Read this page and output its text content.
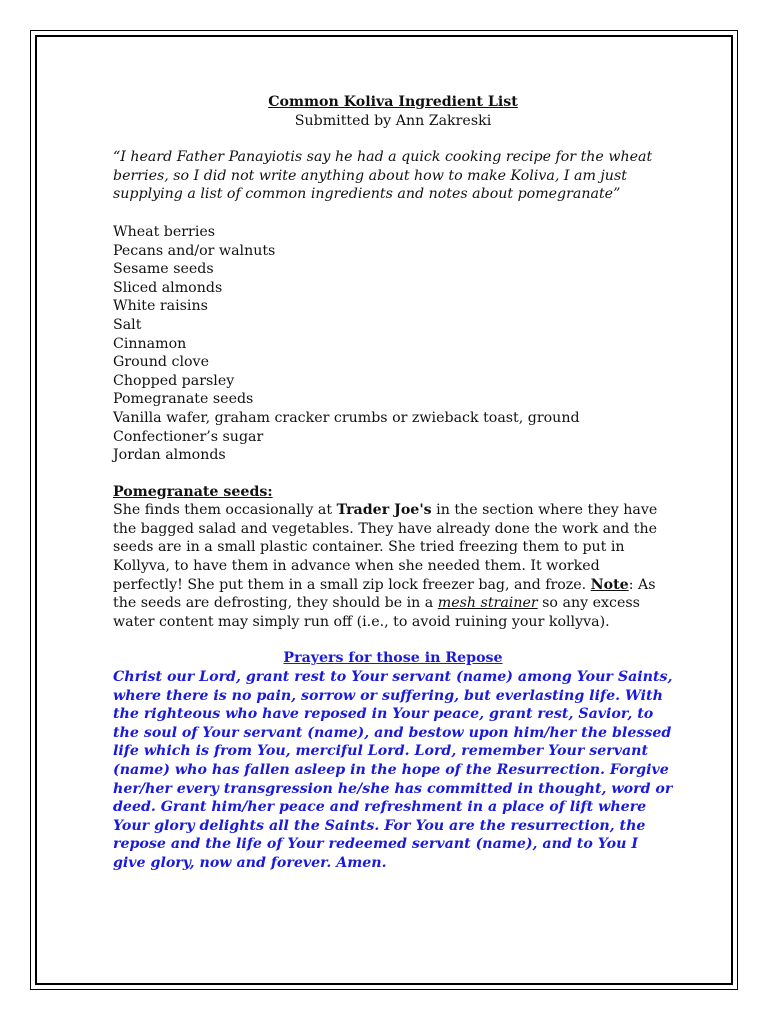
Common Koliva Ingredient List
Submitted by Ann Zakreski
“I heard Father Panayiotis say he had a quick cooking recipe for the wheat berries, so I did not write anything about how to make Koliva, I am just supplying a list of common ingredients and notes about pomegranate”
Wheat berries
Pecans and/or walnuts
Sesame seeds
Sliced almonds
White raisins
Salt
Cinnamon
Ground clove
Chopped parsley
Pomegranate seeds
Vanilla wafer, graham cracker crumbs or zwieback toast, ground
Confectioner’s sugar
Jordan almonds
Pomegranate seeds:

She finds them occasionally at Trader Joe's in the section where they have the bagged salad and vegetables. They have already done the work and the seeds are in a small plastic container. She tried freezing them to put in Kollyva, to have them in advance when she needed them. It worked perfectly! She put them in a small zip lock freezer bag, and froze. Note: As the seeds are defrosting, they should be in a mesh strainer so any excess water content may simply run off (i.e., to avoid ruining your kollyva).

Prayers for those in Repose

Christ our Lord, grant rest to Your servant (name) among Your Saints, where there is no pain, sorrow or suffering, but everlasting life. With the righteous who have reposed in Your peace, grant rest, Savior, to the soul of Your servant (name), and bestow upon him/her the blessed life which is from You, merciful Lord. Lord, remember Your servant (name) who has fallen asleep in the hope of the Resurrection. Forgive her/her every transgression he/she has committed in thought, word or deed. Grant him/her peace and refreshment in a place of lift where Your glory delights all the Saints. For You are the resurrection, the repose and the life of Your redeemed servant (name), and to You I give glory, now and forever. Amen.
